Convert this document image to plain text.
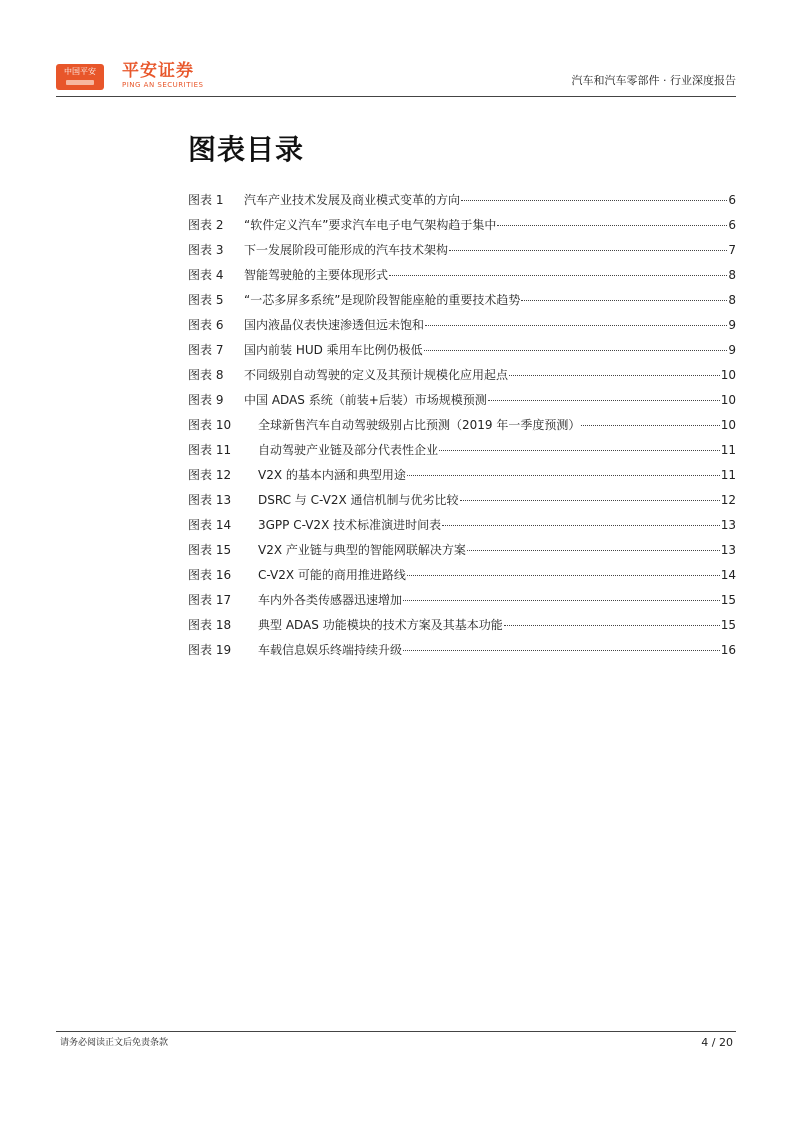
中国平安	平安证券
PING AN SECURITIES	汽车和汽车零部件 · 行业深度报告
图表目录
图表 1	汽车产业技术发展及商业模式变革的方向	6
图表 2	“软件定义汽车”要求汽车电子电气架构趋于集中	6
图表 3	下一发展阶段可能形成的汽车技术架构	7
图表 4	智能驾驶舱的主要体现形式	8
图表 5	“一芯多屏多系统”是现阶段智能座舱的重要技术趋势	8
图表 6	国内液晶仪表快速渗透但远未饱和	9
图表 7	国内前装 HUD 乘用车比例仍极低	9
图表 8	不同级别自动驾驶的定义及其预计规模化应用起点	10
图表 9	中国 ADAS 系统（前装+后装）市场规模预测	10
图表 10	全球新售汽车自动驾驶级别占比预测（2019 年一季度预测）	10
图表 11	自动驾驶产业链及部分代表性企业	11
图表 12	V2X 的基本内涵和典型用途	11
图表 13	DSRC 与 C-V2X 通信机制与优劣比较	12
图表 14	3GPP C-V2X 技术标准演进时间表	13
图表 15	V2X 产业链与典型的智能网联解决方案	13
图表 16	C-V2X 可能的商用推进路线	14
图表 17	车内外各类传感器迅速增加	15
图表 18	典型 ADAS 功能模块的技术方案及其基本功能	15
图表 19	车载信息娱乐终端持续升级	16
请务必阅读正文后免责条款	4 / 20
